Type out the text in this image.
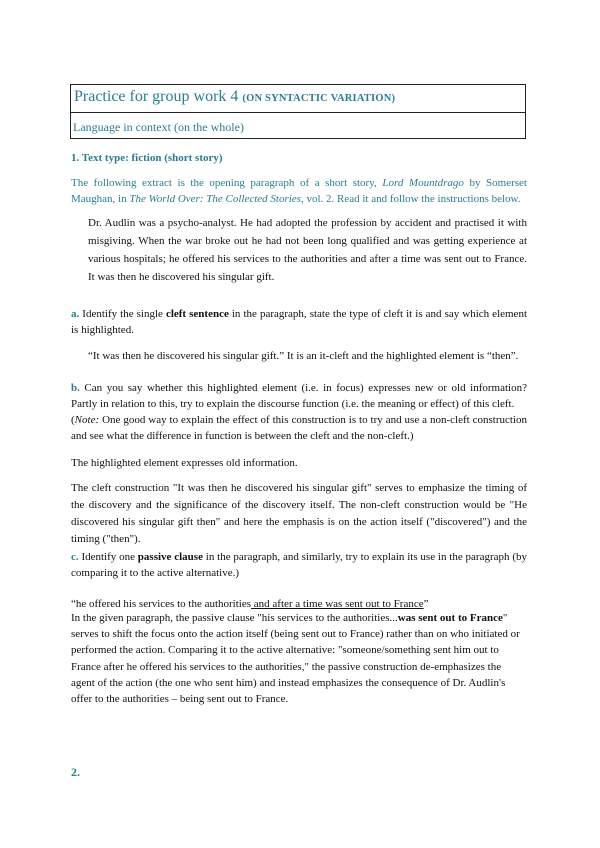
Practice for group work 4 (ON SYNTACTIC VARIATION)
Language in context (on the whole)
1. Text type: fiction (short story)
The following extract is the opening paragraph of a short story, Lord Mountdrago by Somerset Maughan, in The World Over: The Collected Stories, vol. 2. Read it and follow the instructions below.
Dr. Audlin was a psycho-analyst. He had adopted the profession by accident and practised it with misgiving. When the war broke out he had not been long qualified and was getting experience at various hospitals; he offered his services to the authorities and after a time was sent out to France. It was then he discovered his singular gift.
a. Identify the single cleft sentence in the paragraph, state the type of cleft it is and say which element is highlighted.
“It was then he discovered his singular gift.” It is an it-cleft and the highlighted element is “then”.
b. Can you say whether this highlighted element (i.e. in focus) expresses new or old information? Partly in relation to this, try to explain the discourse function (i.e. the meaning or effect) of this cleft.
(Note: One good way to explain the effect of this construction is to try and use a non-cleft construction and see what the difference in function is between the cleft and the non-cleft.)
The highlighted element expresses old information.
The cleft construction "It was then he discovered his singular gift" serves to emphasize the timing of the discovery and the significance of the discovery itself. The non-cleft construction would be "He discovered his singular gift then" and here the emphasis is on the action itself ("discovered") and the timing ("then").
c. Identify one passive clause in the paragraph, and similarly, try to explain its use in the paragraph (by comparing it to the active alternative.)
“he offered his services to the authorities and after a time was sent out to France”
In the given paragraph, the passive clause "his services to the authorities...was sent out to France" serves to shift the focus onto the action itself (being sent out to France) rather than on who initiated or performed the action. Comparing it to the active alternative: "someone/something sent him out to France after he offered his services to the authorities," the passive construction de-emphasizes the agent of the action (the one who sent him) and instead emphasizes the consequence of Dr. Audlin's offer to the authorities – being sent out to France.
2.
